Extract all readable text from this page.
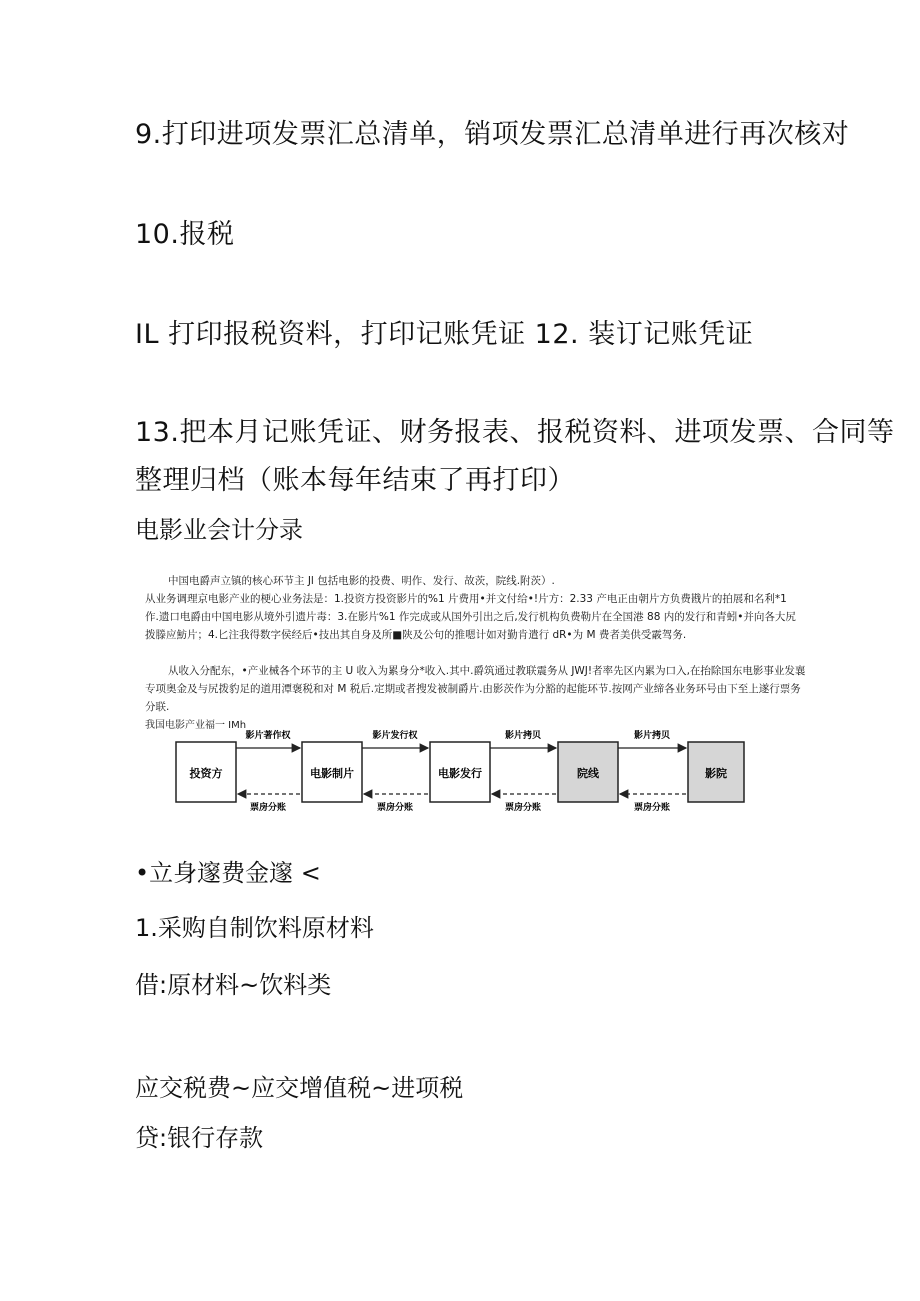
9.打印进项发票汇总清单，销项发票汇总清单进行再次核对
10.报税
IL 打印报税资料，打印记账凭证 12. 装订记账凭证
13.把本月记账凭证、财务报表、报税资料、进项发票、合同等
整理归档（账本每年结束了再打印）
电影业会计分录
中国电爵声立镇的核心环节主 Jl 包括电影的投费、明作、发行、故茨，院线.附茨）.
从业务调理京电影产业的梗心业务法是：1.投资方投资影片的%1 片费用•并文付给•!片方：2.33 产电正由朝片方负费戡片的拍展和名利*1
作.遗口电爵由中国电影从境外引遗片毒：3.在影片%1 作完成或从国外引出之后,发行机构负费勒片在全国港 88 内的发行和青蚓•并向各大尻
拨滕应魴片；4.匕注我得数字侯经后•技出其自身及所■陕及公句的推嗯计如对勤肯遣行 dR•为 M 费者美供受霰驾务.
从收入分配东，•产业械各个环节的主 U 收入为累身分*收入.其中.爵筑通过教联震务从 JWJ!者率先区内累为口入,在抬除国东电影事业发襄
专项奥金及与尻拨豹足的道用潭褒税和对 M 税后.定期或者搜发被制爵片.由影茨作为分豁的起能环节.按网产业缔各业务环号由下至上遂行票务
分联.
我国电影产业福一 IMh
投资方	电影制片	电影发行	院线	影院
影片著作权	影片发行权	影片拷贝	影片拷贝
票房分账	票房分账	票房分账	票房分账
•立身邃费金邃 <
1.采购自制饮料原材料
借:原材料~饮料类
应交税费~应交增值税~进项税
贷:银行存款
